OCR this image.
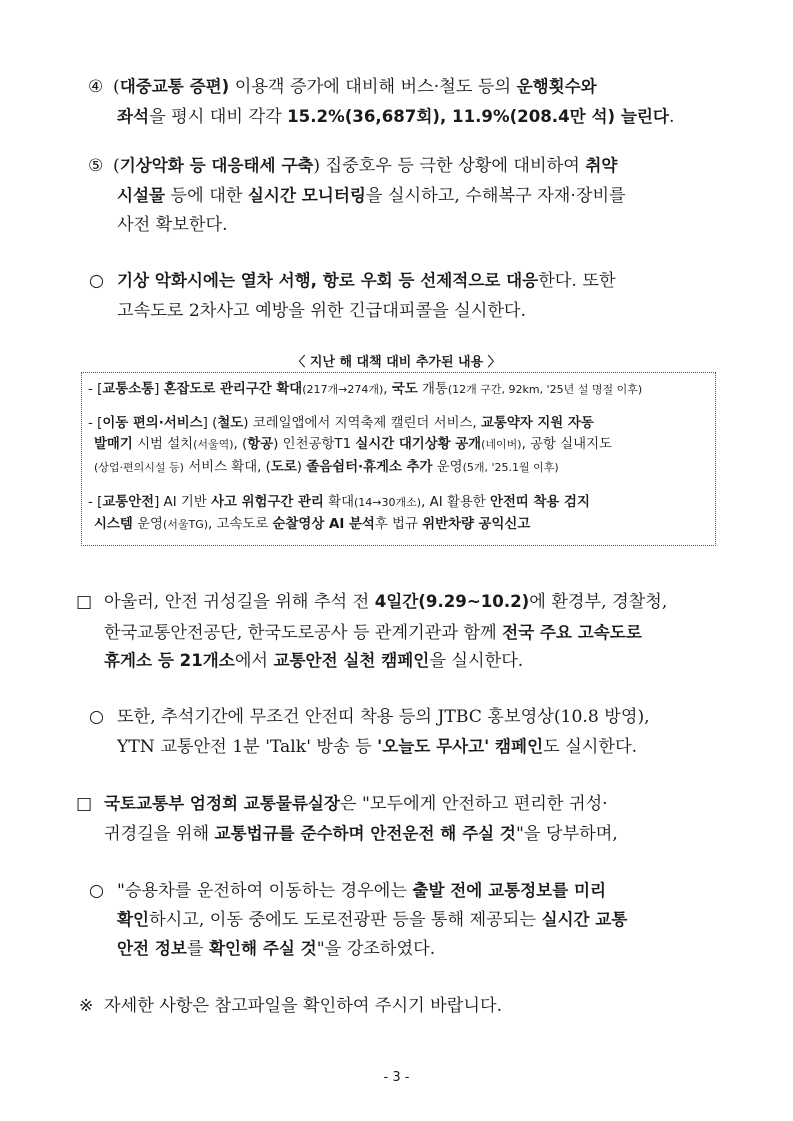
④ (대중교통 증편) 이용객 증가에 대비해 버스·철도 등의 운행횟수와
좌석을 평시 대비 각각 15.2%(36,687회), 11.9%(208.4만 석) 늘린다.
⑤ (기상악화 등 대응태세 구축) 집중호우 등 극한 상황에 대비하여 취약
시설물 등에 대한 실시간 모니터링을 실시하고, 수해복구 자재·장비를
사전 확보한다.
○ 기상 악화시에는 열차 서행, 항로 우회 등 선제적으로 대응한다. 또한
고속도로 2차사고 예방을 위한 긴급대피콜을 실시한다.
〈 지난 해 대책 대비 추가된 내용 〉
- [교통소통] 혼잡도로 관리구간 확대(217개→274개), 국도 개통(12개 구간, 92km, '25년 설 명절 이후)
- [이동 편의·서비스] (철도) 코레일앱에서 지역축제 캘린더 서비스, 교통약자 지원 자동
발매기 시범 설치(서울역), (항공) 인천공항T1 실시간 대기상황 공개(네이버), 공항 실내지도
(상업·편의시설 등) 서비스 확대, (도로) 졸음쉼터·휴게소 추가 운영(5개, '25.1월 이후)
- [교통안전] AI 기반 사고 위험구간 관리 확대(14→30개소), AI 활용한 안전띠 착용 검지
시스템 운영(서울TG), 고속도로 순찰영상 AI 분석후 법규 위반차량 공익신고
□ 아울러, 안전 귀성길을 위해 추석 전 4일간(9.29~10.2)에 환경부, 경찰청,
한국교통안전공단, 한국도로공사 등 관계기관과 함께 전국 주요 고속도로
휴게소 등 21개소에서 교통안전 실천 캠페인을 실시한다.
○ 또한, 추석기간에 무조건 안전띠 착용 등의 JTBC 홍보영상(10.8 방영),
YTN 교통안전 1분 'Talk' 방송 등 '오늘도 무사고' 캠페인도 실시한다.
□ 국토교통부 엄정희 교통물류실장은 "모두에게 안전하고 편리한 귀성·
귀경길을 위해 교통법규를 준수하며 안전운전 해 주실 것"을 당부하며,
○ "승용차를 운전하여 이동하는 경우에는 출발 전에 교통정보를 미리
확인하시고, 이동 중에도 도로전광판 등을 통해 제공되는 실시간 교통
안전 정보를 확인해 주실 것"을 강조하였다.
※ 자세한 사항은 참고파일을 확인하여 주시기 바랍니다.
- 3 -
